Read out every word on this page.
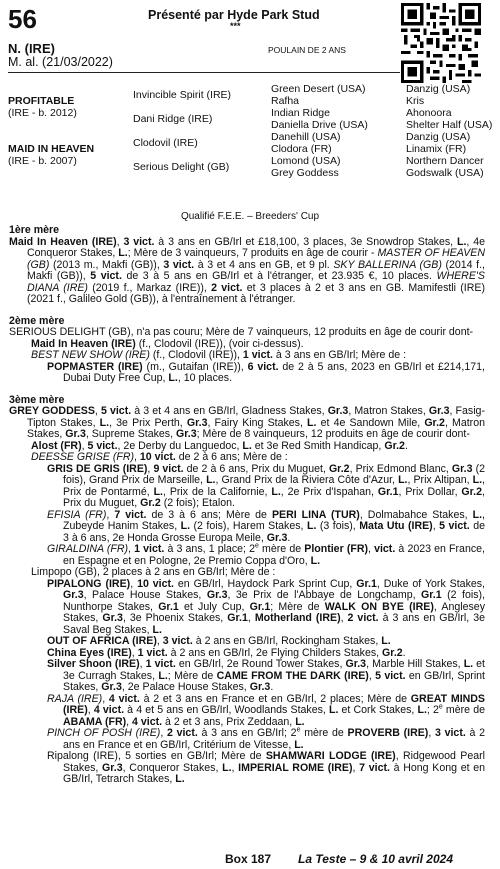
56	Présenté par Hyde Park Stud
***
N. (IRE)
M. al. (21/03/2022)
POULAIN DE 2 ANS
PROFITABLE
(IRE - b. 2012)
MAID IN HEAVEN
(IRE - b. 2007)
Invincible Spirit (IRE)
Dani Ridge (IRE)
Clodovil (IRE)
Serious Delight (GB)
Green Desert (USA)
Rafha
Indian Ridge
Daniella Drive (USA)
Danehill (USA)
Clodora (FR)
Lomond (USA)
Grey Goddess
Danzig (USA)
Kris
Ahonoora
Shelter Half (USA)
Danzig (USA)
Linamix (FR)
Northern Dancer
Godswalk (USA)
Qualifié F.E.E. – Breeders' Cup

1ère mère

Maid In Heaven (IRE), 3 vict. à 3 ans en GB/Irl et £18,100, 3 places, 3e Snowdrop Stakes, L., 4e Conqueror Stakes, L.; Mère de 3 vainqueurs, 7 produits en âge de courir - MASTER OF HEAVEN (GB) (2013 m., Makfi (GB)), 3 vict. à 3 et 4 ans en GB, et 9 pl. SKY BALLERINA (GB) (2014 f., Makfi (GB)), 5 vict. de 3 à 5 ans en GB/Irl et à l'étranger, et 23.935 €, 10 places. WHERE'S DIANA (IRE) (2019 f., Markaz (IRE)), 2 vict. et 3 places à 2 et 3 ans en GB. Mamifestli (IRE) (2021 f., Galileo Gold (GB)), à l'entraînement à l'étranger.

2ème mère

SERIOUS DELIGHT (GB), n'a pas couru; Mère de 7 vainqueurs, 12 produits en âge de courir dont-

Maid In Heaven (IRE) (f., Clodovil (IRE)), (voir ci-dessus).

BEST NEW SHOW (IRE) (f., Clodovil (IRE)), 1 vict. à 3 ans en GB/Irl; Mère de :

POPMASTER (IRE) (m., Gutaifan (IRE)), 6 vict. de 2 à 5 ans, 2023 en GB/Irl et £214,171, Dubai Duty Free Cup, L., 10 places.

3ème mère

GREY GODDESS, 5 vict. à 3 et 4 ans en GB/Irl, Gladness Stakes, Gr.3, Matron Stakes, Gr.3, Fasig-Tipton Stakes, L., 3e Prix Perth, Gr.3, Fairy King Stakes, L. et 4e Sandown Mile, Gr.2, Matron Stakes, Gr.3, Supreme Stakes, Gr.3; Mère de 8 vainqueurs, 12 produits en âge de courir dont-

Alost (FR), 5 vict., 2e Derby du Languedoc, L. et 3e Red Smith Handicap, Gr.2.

DEESSE GRISE (FR), 10 vict. de 2 à 6 ans; Mère de :

GRIS DE GRIS (IRE), 9 vict. de 2 à 6 ans, Prix du Muguet, Gr.2, Prix Edmond Blanc, Gr.3 (2 fois), Grand Prix de Marseille, L., Grand Prix de la Riviera Côte d'Azur, L., Prix Altipan, L., Prix de Pontarmé, L., Prix de la Californie, L., 2e Prix d'Ispahan, Gr.1, Prix Dollar, Gr.2, Prix du Muguet, Gr.2 (2 fois); Etalon.

EFISIA (FR), 7 vict. de 3 à 6 ans; Mère de PERI LINA (TUR), Dolmabahce Stakes, L., Zubeyde Hanim Stakes, L. (2 fois), Harem Stakes, L. (3 fois), Mata Utu (IRE), 5 vict. de 3 à 6 ans, 2e Honda Grosse Europa Meile, Gr.3.

GIRALDINA (FR), 1 vict. à 3 ans, 1 place; 2e mère de Plontier (FR), vict. à 2023 en France, en Espagne et en Pologne, 2e Premio Coppa d'Oro, L.

Limpopo (GB), 2 places à 2 ans en GB/Irl; Mère de :

PIPALONG (IRE), 10 vict. en GB/Irl, Haydock Park Sprint Cup, Gr.1, Duke of York Stakes, Gr.3, Palace House Stakes, Gr.3, 3e Prix de l'Abbaye de Longchamp, Gr.1 (2 fois), Nunthorpe Stakes, Gr.1 et July Cup, Gr.1; Mère de WALK ON BYE (IRE), Anglesey Stakes, Gr.3, 3e Phoenix Stakes, Gr.1, Motherland (IRE), 2 vict. à 3 ans en GB/Irl, 3e Saval Beg Stakes, L.

OUT OF AFRICA (IRE), 3 vict. à 2 ans en GB/Irl, Rockingham Stakes, L.

China Eyes (IRE), 1 vict. à 2 ans en GB/Irl, 2e Flying Childers Stakes, Gr.2.

Silver Shoon (IRE), 1 vict. en GB/Irl, 2e Round Tower Stakes, Gr.3, Marble Hill Stakes, L. et 3e Curragh Stakes, L.; Mère de CAME FROM THE DARK (IRE), 5 vict. en GB/Irl, Sprint Stakes, Gr.3, 2e Palace House Stakes, Gr.3.

RAJA (IRE), 4 vict. à 2 et 3 ans en France et en GB/Irl, 2 places; Mère de GREAT MINDS (IRE), 4 vict. à 4 et 5 ans en GB/Irl, Woodlands Stakes, L. et Cork Stakes, L.; 2e mère de ABAMA (FR), 4 vict. à 2 et 3 ans, Prix Zeddaan, L.

PINCH OF POSH (IRE), 2 vict. à 3 ans en GB/Irl; 2e mère de PROVERB (IRE), 3 vict. à 2 ans en France et en GB/Irl, Critérium de Vitesse, L.

Ripalong (IRE), 5 sorties en GB/Irl; Mère de SHAMWARI LODGE (IRE), Ridgewood Pearl Stakes, Gr.3, Conqueror Stakes, L., IMPERIAL ROME (IRE), 7 vict. à Hong Kong et en GB/Irl, Tetrarch Stakes, L.

Box 187 La Teste – 9 & 10 avril 2024
